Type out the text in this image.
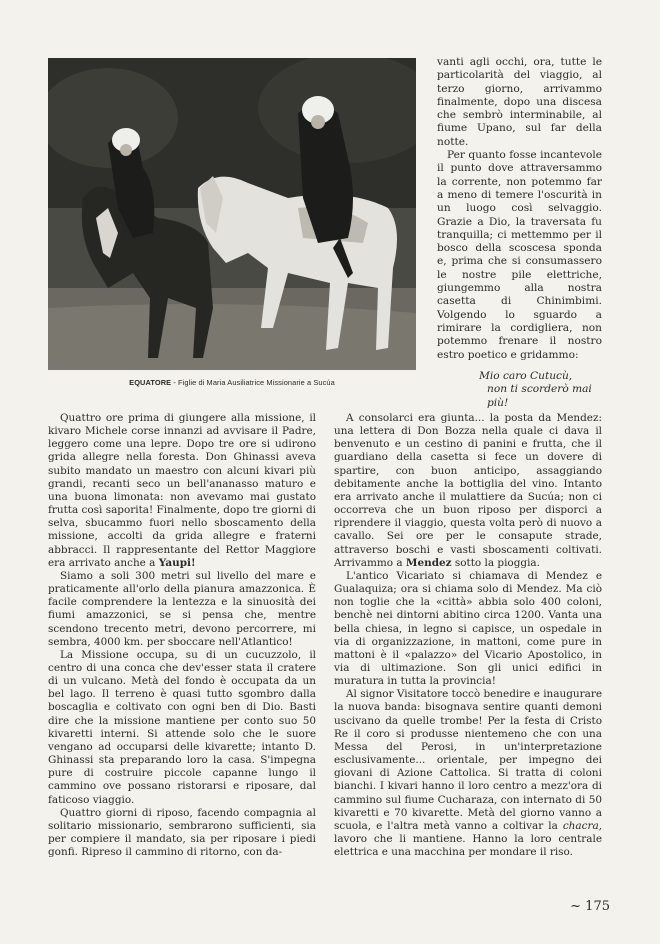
EQUATORE - Figlie di Maria Ausiliatrice Missionarie a Sucúa

vanti agli occhi, ora, tutte le particolarità del viaggio, al terzo giorno, arrivammo finalmente, dopo una discesa che sembrò interminabile, al fiume Upano, sul far della notte.

Per quanto fosse incantevole il punto dove attraversammo la corrente, non potemmo far a meno di temere l'oscurità in un luogo così selvaggio. Grazie a Dio, la traversata fu tranquilla; ci mettemmo per il bosco della scoscesa sponda e, prima che si consumassero le nostre pile elettriche, giungemmo alla nostra casetta di Chinimbimi. Volgendo lo sguardo a rimirare la cordigliera, non potemmo frenare il nostro estro poetico e gridammo:

Mio caro Cutucù,
non ti scorderò mai più!

Quattro ore prima di giungere alla missione, il kivaro Michele corse innanzi ad avvisare il Padre, leggero come una lepre. Dopo tre ore si udirono grida allegre nella foresta. Don Ghinassi aveva subito mandato un maestro con alcuni kivari più grandi, recanti seco un bell'ananasso maturo e una buona limonata: non avevamo mai gustato frutta così saporita! Finalmente, dopo tre giorni di selva, sbucammo fuori nello sboscamento della missione, accolti da grida allegre e fraterni abbracci. Il rappresentante del Rettor Maggiore era arrivato anche a Yaupi!

Siamo a soli 300 metri sul livello del mare e praticamente all'orlo della pianura amazzonica. È facile comprendere la lentezza e la sinuosità dei fiumi amazzonici, se si pensa che, mentre scendono trecento metri, devono percorrere, mi sembra, 4000 km. per sboccare nell'Atlantico!

La Missione occupa, su di un cucuzzolo, il centro di una conca che dev'esser stata il cratere di un vulcano. Metà del fondo è occupata da un bel lago. Il terreno è quasi tutto sgombro dalla boscaglia e coltivato con ogni ben di Dio. Basti dire che la missione mantiene per conto suo 50 kivaretti interni. Si attende solo che le suore vengano ad occuparsi delle kivarette; intanto D. Ghinassi sta preparando loro la casa. S'impegna pure di costruire piccole capanne lungo il cammino ove possano ristorarsi e riposare, dal faticoso viaggio.

Quattro giorni di riposo, facendo compagnia al solitario missionario, sembrarono sufficienti, sia per compiere il mandato, sia per riposare i piedi gonfi. Ripreso il cammino di ritorno, con da-

A consolarci era giunta... la posta da Mendez: una lettera di Don Bozza nella quale ci dava il benvenuto e un cestino di panini e frutta, che il guardiano della casetta si fece un dovere di spartire, con buon anticipo, assaggiando debitamente anche la bottiglia del vino. Intanto era arrivato anche il mulattiere da Sucúa; non ci occorreva che un buon riposo per disporci a riprendere il viaggio, questa volta però di nuovo a cavallo. Sei ore per le consapute strade, attraverso boschi e vasti sboscamenti coltivati. Arrivammo a Mendez sotto la pioggia.

L'antico Vicariato si chiamava di Mendez e Gualaquiza; ora si chiama solo di Mendez. Ma ciò non toglie che la «città» abbia solo 400 coloni, benchè nei dintorni abitino circa 1200. Vanta una bella chiesa, in legno si capisce, un ospedale in via di organizzazione, in mattoni, come pure in mattoni è il «palazzo» del Vicario Apostolico, in via di ultimazione. Son gli unici edifici in muratura in tutta la provincia!

Al signor Visitatore toccò benedire e inaugurare la nuova banda: bisognava sentire quanti demoni uscivano da quelle trombe! Per la festa di Cristo Re il coro si produsse nientemeno che con una Messa del Perosi, in un'interpretazione esclusivamente... orientale, per impegno dei giovani di Azione Cattolica. Si tratta di coloni bianchi. I kivari hanno il loro centro a mezz'ora di cammino sul fiume Cucharaza, con internato di 50 kivaretti e 70 kivarette. Metà del giorno vanno a scuola, e l'altra metà vanno a coltivar la chacra, lavoro che li mantiene. Hanno la loro centrale elettrica e una macchina per mondare il riso.

~ 175
